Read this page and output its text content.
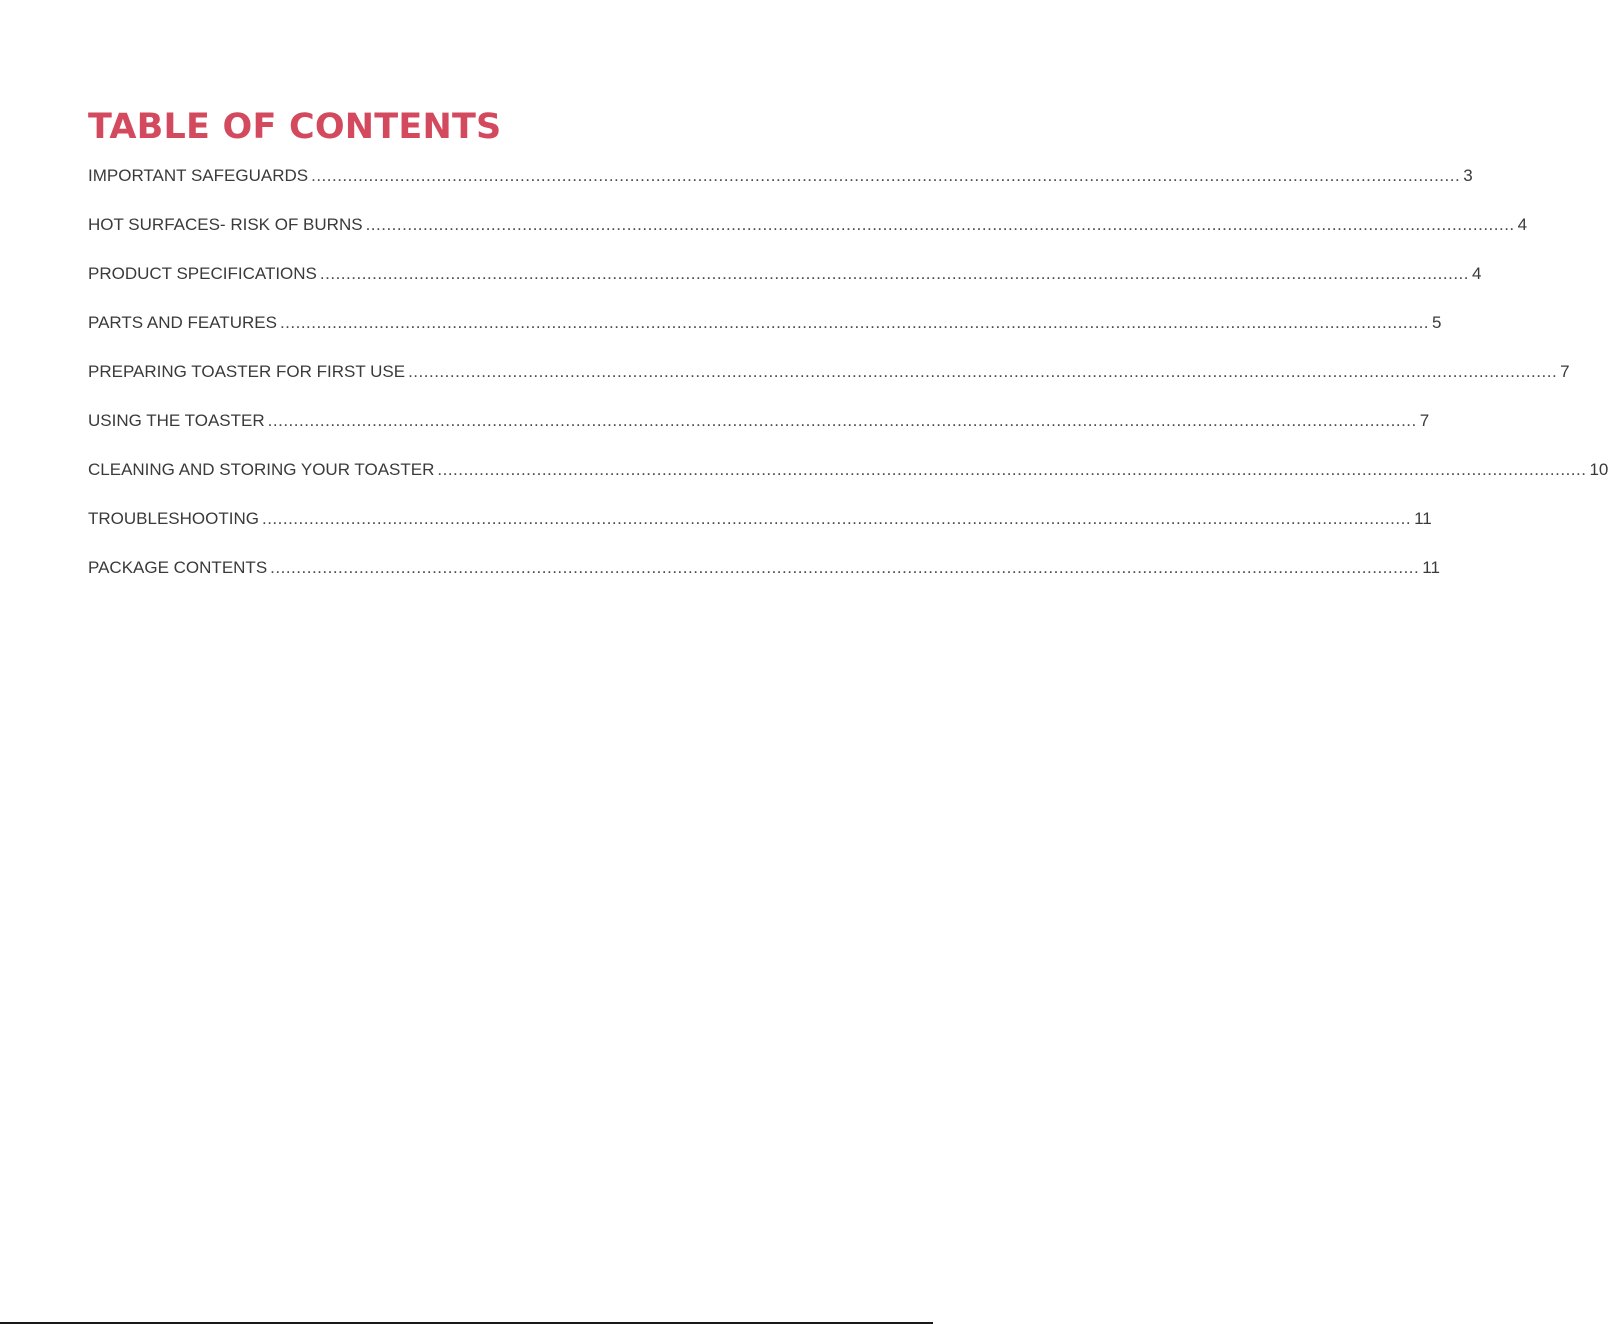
TABLE OF CONTENTS
IMPORTANT SAFEGUARDS ............................................................................................................................................................................................................................ 3
HOT SURFACES- RISK OF BURNS ............................................................................................................................................................................................................................ 4
PRODUCT SPECIFICATIONS ............................................................................................................................................................................................................................ 4
PARTS AND FEATURES ............................................................................................................................................................................................................................ 5
PREPARING TOASTER FOR FIRST USE ............................................................................................................................................................................................................................ 7
USING THE TOASTER ............................................................................................................................................................................................................................ 7
CLEANING AND STORING YOUR TOASTER ............................................................................................................................................................................................................................ 10
TROUBLESHOOTING ............................................................................................................................................................................................................................ 11
PACKAGE CONTENTS ............................................................................................................................................................................................................................ 11
